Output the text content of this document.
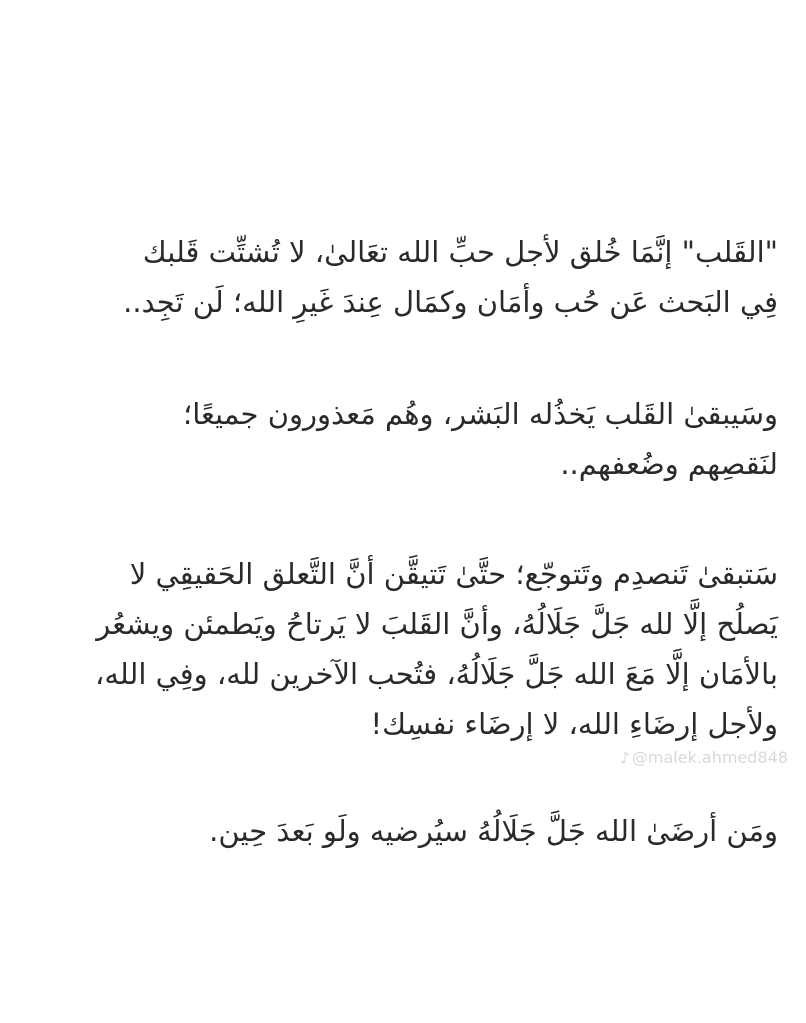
"القَلب" إنَّمَا خُلق لأجل حبِّ الله تعَالىٰ، لا تُشتِّت قَلبك
فِي البَحث عَن حُب وأمَان وكمَال عِندَ غَيرِ الله؛ لَن تَجِد..
وسَيبقىٰ القَلب يَخذُله البَشر، وهُم مَعذورون جميعًا؛
لنَقصِهم وضُعفهم..
سَتبقىٰ تَنصدِم وتَتوجّع؛ حتَّىٰ تَتيقَّن أنَّ التَّعلق الحَقيقِي لا
يَصلُح إلَّا لله جَلَّ جَلَالُهُ، وأنَّ القَلبَ لا يَرتاحُ ويَطمئن ويشعُر
بالأمَان إلَّا مَعَ الله جَلَّ جَلَالُهُ، فتُحب الآخرين لله، وفِي الله،
ولأجل إرضَاءِ الله، لا إرضَاء نفسِك!
♪ @malek.ahmed848
ومَن أرضَىٰ الله جَلَّ جَلَالُهُ سيُرضيه ولَو بَعدَ حِين.
